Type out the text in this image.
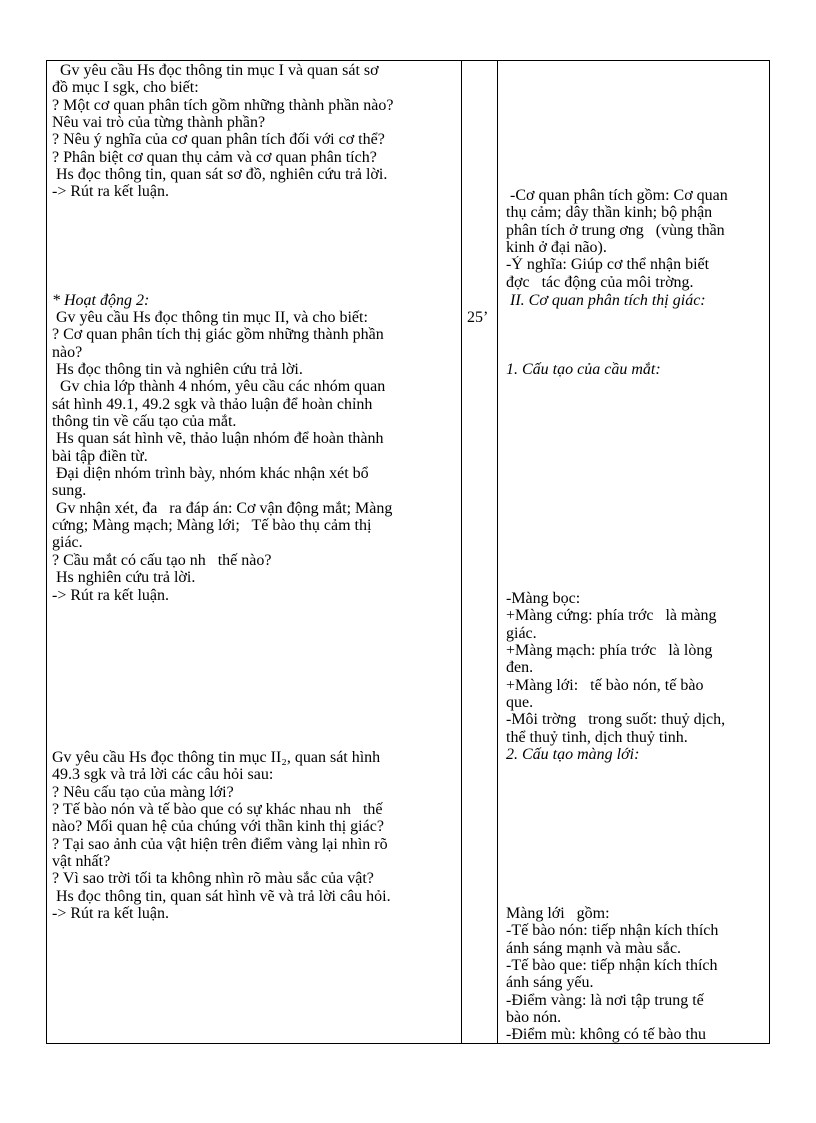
Gv yêu cầu Hs đọc thông tin mục I và quan sát sơ
đồ mục I sgk, cho biết:
? Một cơ quan phân tích gồm những thành phần nào?
Nêu vai trò của từng thành phần?
? Nêu ý nghĩa của cơ quan phân tích đối với cơ thể?
? Phân biệt cơ quan thụ cảm và cơ quan phân tích?
Hs đọc thông tin, quan sát sơ đồ, nghiên cứu trả lời.
-> Rút ra kết luận.
* Hoạt động 2:
Gv yêu cầu Hs đọc thông tin mục II, và cho biết:
? Cơ quan phân tích thị giác gồm những thành phần
nào?
Hs đọc thông tin và nghiên cứu trả lời.
Gv chia lớp thành 4 nhóm, yêu cầu các nhóm quan
sát hình 49.1, 49.2 sgk và thảo luận để hoàn chỉnh
thông tin về cấu tạo của mắt.
Hs quan sát hình vẽ, thảo luận nhóm để hoàn thành
bài tập điền từ.
Đại diện nhóm trình bày, nhóm khác nhận xét bổ
sung.
Gv nhận xét, đa   ra đáp án: Cơ vận động mắt; Màng
cứng; Màng mạch; Màng lới;   Tế bào thụ cảm thị
giác.
? Cầu mắt có cấu tạo nh   thế nào?
Hs nghiên cứu trả lời.
-> Rút ra kết luận.
Gv yêu cầu Hs đọc thông tin mục II₂, quan sát hình
49.3 sgk và trả lời các câu hỏi sau:
? Nêu cấu tạo của màng lới?
? Tế bào nón và tế bào que có sự khác nhau nh   thế
nào? Mối quan hệ của chúng với thần kinh thị giác?
? Tại sao ảnh của vật hiện trên điểm vàng lại nhìn rõ
vật nhất?
? Vì sao trời tối ta không nhìn rõ màu sắc của vật?
Hs đọc thông tin, quan sát hình vẽ và trả lời câu hỏi.
-> Rút ra kết luận.
25’
-Cơ quan phân tích gồm: Cơ quan
thụ cảm; dây thần kinh; bộ phận
phân tích ở trung ơng   (vùng thần
kinh ở đại não).
-Ý nghĩa: Giúp cơ thể nhận biết
đợc   tác động của môi trờng.
II. Cơ quan phân tích thị giác:
1. Cấu tạo của cầu mắt:
-Màng bọc:
+Màng cứng: phía trớc   là màng
giác.
+Màng mạch: phía trớc   là lòng
đen.
+Màng lới:   tế bào nón, tế bào
que.
-Môi trờng   trong suốt: thuỷ dịch,
thể thuỷ tinh, dịch thuỷ tinh.
2. Cấu tạo màng lới:
Màng lới   gồm:
-Tế bào nón: tiếp nhận kích thích
ánh sáng mạnh và màu sắc.
-Tế bào que: tiếp nhận kích thích
ánh sáng yếu.
-Điểm vàng: là nơi tập trung tế
bào nón.
-Điểm mù: không có tế bào thu
